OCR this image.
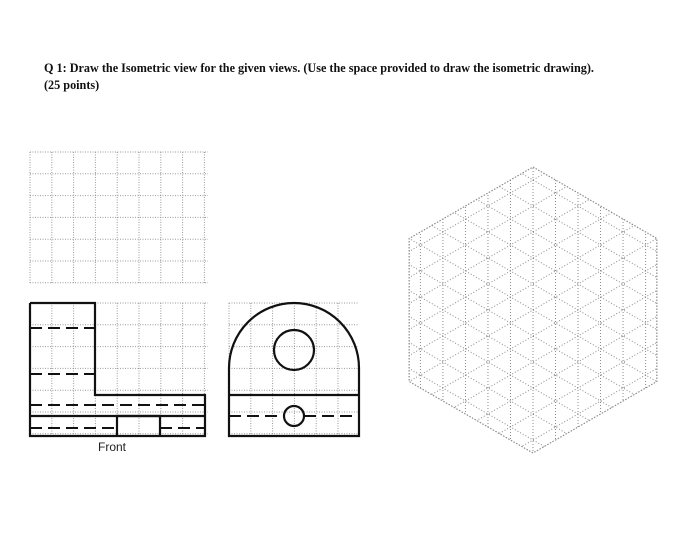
Q 1: Draw the Isometric view for the given views. (Use the space provided to draw the isometric drawing).
(25 points)
Front
